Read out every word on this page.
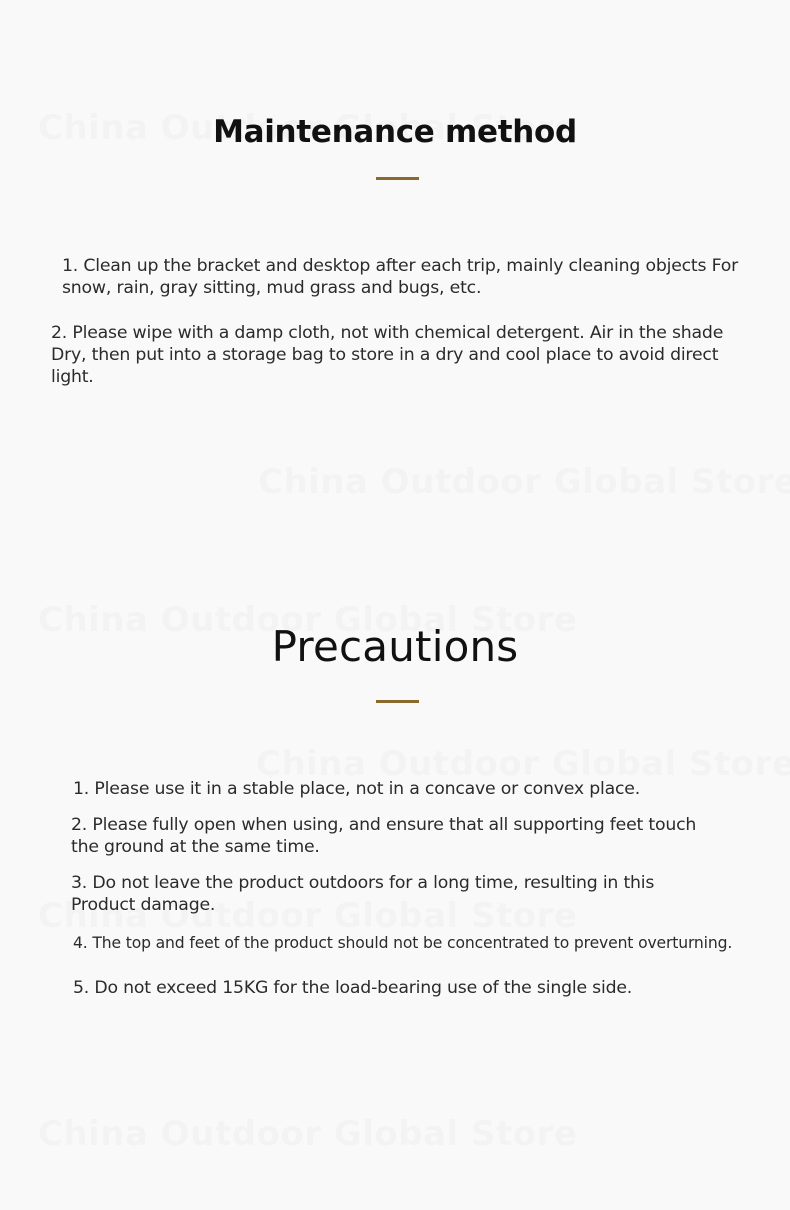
Maintenance method

1. Clean up the bracket and desktop after each trip, mainly cleaning objects For snow, rain, gray sitting, mud grass and bugs, etc.

2. Please wipe with a damp cloth, not with chemical detergent. Air in the shade Dry, then put into a storage bag to store in a dry and cool place to avoid direct light.

Precautions

1. Please use it in a stable place, not in a concave or convex place.

2. Please fully open when using, and ensure that all supporting feet touch the ground at the same time.

3. Do not leave the product outdoors for a long time, resulting in this Product damage.

4. The top and feet of the product should not be concentrated to prevent overturning.

5. Do not exceed 15KG for the load-bearing use of the single side.
